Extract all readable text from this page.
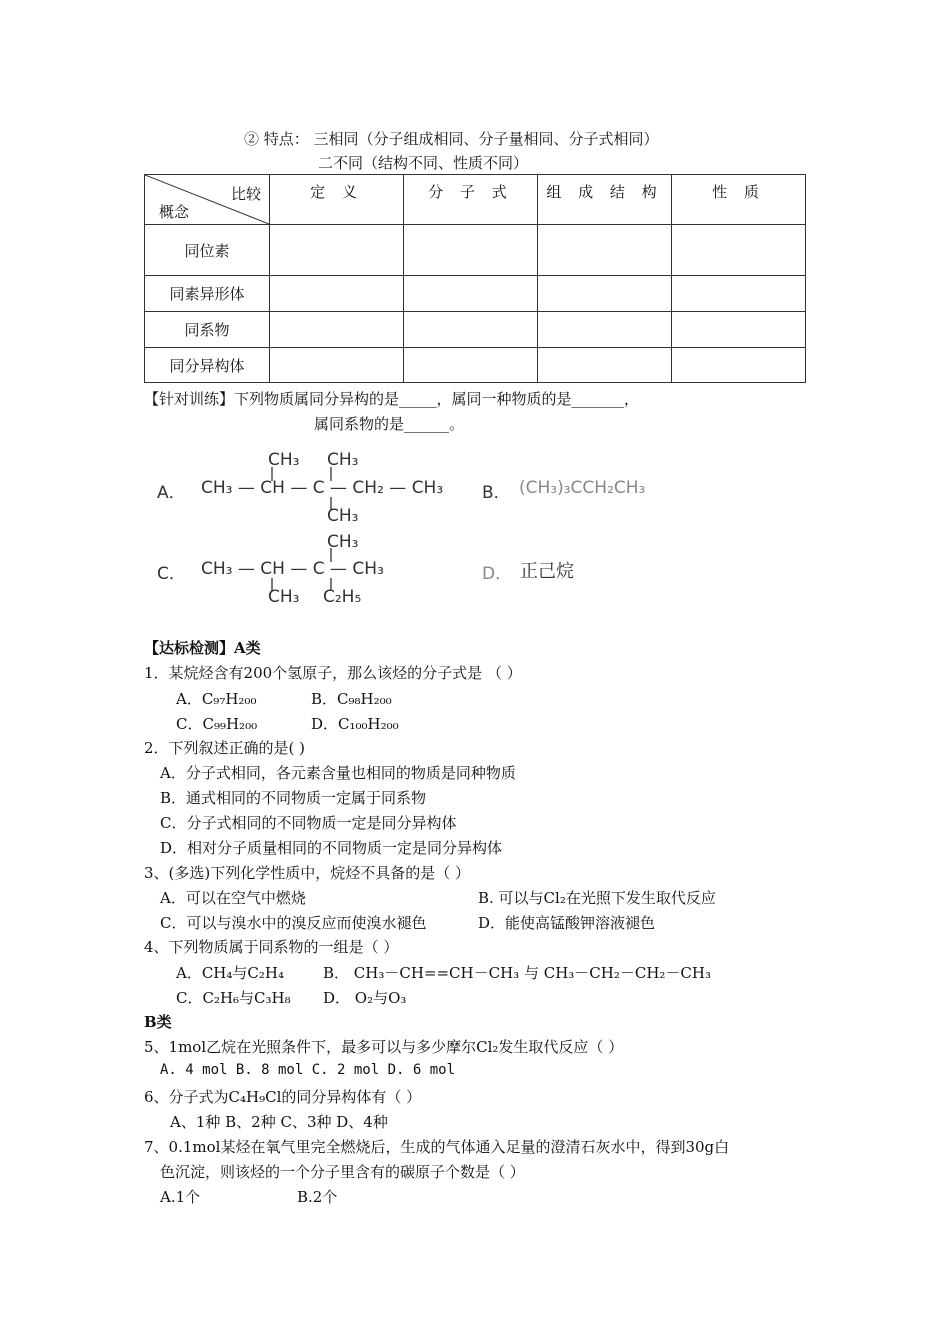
② 特点： 三相同（分子组成相同、分子量相同、分子式相同）
二不同（结构不同、性质不同）
比较
概念	定 义	分 子 式	组 成 结 构	性 质
同位素				
同素异形体				
同系物				
同分异构体				
【针对训练】下列物质属同分异构的是_____，属同一种物质的是_______，
属同系物的是______。
A． CH₃ — CH — C — CH₂ — CH₃
CH₃ CH₃
CH₃
B． (CH₃)₃CCH₂CH₃
CH₃
C． CH₃ — CH — C — CH₃
CH₃ C₂H₅
D． 正己烷
【达标检测】A类
1．某烷烃含有200个氢原子，那么该烃的分子式是 （ ）
A．C₉₇H₂₀₀	B．C₉₈H₂₀₀
C．C₉₉H₂₀₀	D．C₁₀₀H₂₀₀
2．下列叙述正确的是( )
A．分子式相同，各元素含量也相同的物质是同种物质
B．通式相同的不同物质一定属于同系物
C．分子式相同的不同物质一定是同分异构体
D．相对分子质量相同的不同物质一定是同分异构体
3、(多选)下列化学性质中，烷烃不具备的是（ ）
A．可以在空气中燃烧	B. 可以与Cl₂在光照下发生取代反应
C．可以与溴水中的溴反应而使溴水褪色	D．能使高锰酸钾溶液褪色
4、下列物质属于同系物的一组是（ ）
A．CH₄与C₂H₄	B． CH₃－CH==CH－CH₃ 与 CH₃－CH₂－CH₂－CH₃
C．C₂H₆与C₃H₈ D． O₂与O₃
B类
5、1mol乙烷在光照条件下，最多可以与多少摩尔Cl₂发生取代反应（ ）
A. 4 mol B. 8 mol C. 2 mol D. 6 mol
6、分子式为C₄H₉Cl的同分异构体有（ ）
A、1种 B、2种 C、3种 D、4种
7、0.1mol某烃在氧气里完全燃烧后，生成的气体通入足量的澄清石灰水中，得到30g白
色沉淀，则该烃的一个分子里含有的碳原子个数是（ ）
A.1个	B.2个
